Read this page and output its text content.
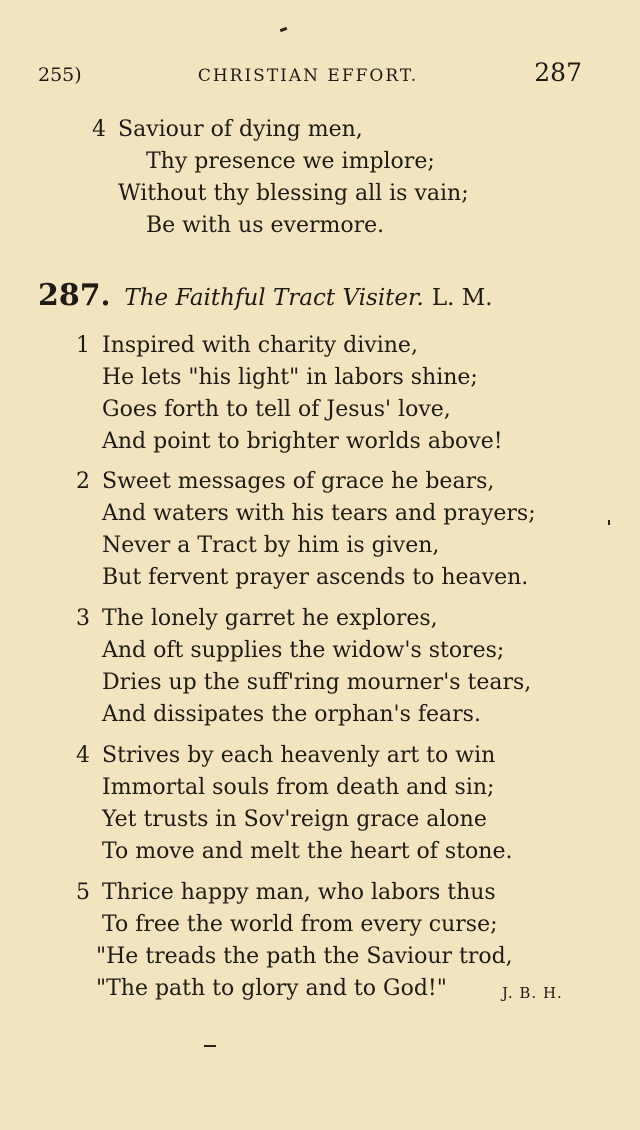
255)	CHRISTIAN EFFORT.	287
4 Saviour of dying men,
Thy presence we implore;
Without thy blessing all is vain;
Be with us evermore.
287 . The Faithful Tract Visiter. L. M.
1 Inspired with charity divine,
He lets "his light" in labors shine;
Goes forth to tell of Jesus' love,
And point to brighter worlds above!
2 Sweet messages of grace he bears,
And waters with his tears and prayers;
Never a Tract by him is given,
But fervent prayer ascends to heaven.
3 The lonely garret he explores,
And oft supplies the widow's stores;
Dries up the suff'ring mourner's tears,
And dissipates the orphan's fears.
4 Strives by each heavenly art to win
Immortal souls from death and sin;
Yet trusts in Sov'reign grace alone
To move and melt the heart of stone.
5 Thrice happy man, who labors thus
To free the world from every curse;
"He treads the path the Saviour trod,
"The path to glory and to God!"	J. B. H.
